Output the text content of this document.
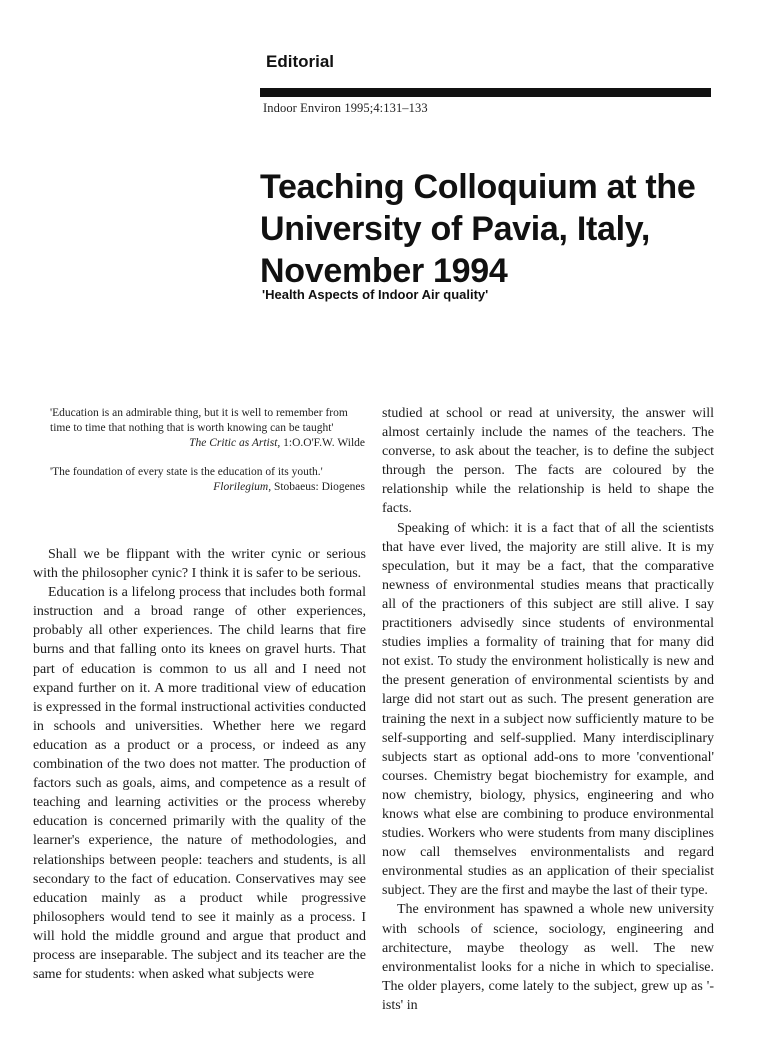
Editorial
Indoor Environ 1995;4:131–133
Teaching Colloquium at the
University of Pavia, Italy,
November 1994
'Health Aspects of Indoor Air quality'
'Education is an admirable thing, but it is well to remember from time to time that nothing that is worth knowing can be taught'
The Critic as Artist, 1:O.O'F.W. Wilde
'The foundation of every state is the education of its youth.'
Florilegium, Stobaeus: Diogenes

Shall we be flippant with the writer cynic or serious with the philosopher cynic? I think it is safer to be serious.

Education is a lifelong process that includes both formal instruction and a broad range of other experiences, probably all other experiences. The child learns that fire burns and that falling onto its knees on gravel hurts. That part of education is common to us all and I need not expand further on it. A more traditional view of education is expressed in the formal instructional activities conducted in schools and universities. Whether here we regard education as a product or a process, or indeed as any combination of the two does not matter. The production of factors such as goals, aims, and competence as a result of teaching and learning activities or the process whereby education is concerned primarily with the quality of the learner's experience, the nature of methodologies, and relationships between people: teachers and students, is all secondary to the fact of education. Conservatives may see education mainly as a product while progressive philosophers would tend to see it mainly as a process. I will hold the middle ground and argue that product and process are inseparable. The subject and its teacher are the same for students: when asked what subjects were

studied at school or read at university, the answer will almost certainly include the names of the teachers. The converse, to ask about the teacher, is to define the subject through the person. The facts are coloured by the relationship while the relationship is held to shape the facts.

Speaking of which: it is a fact that of all the scientists that have ever lived, the majority are still alive. It is my speculation, but it may be a fact, that the comparative newness of environmental studies means that practically all of the practioners of this subject are still alive. I say practitioners advisedly since students of environmental studies implies a formality of training that for many did not exist. To study the environment holistically is new and the present generation of environmental scientists by and large did not start out as such. The present generation are training the next in a subject now sufficiently mature to be self-supporting and self-supplied. Many interdisciplinary subjects start as optional add-ons to more 'conventional' courses. Chemistry begat biochemistry for example, and now chemistry, biology, physics, engineering and who knows what else are combining to produce environmental studies. Workers who were students from many disciplines now call themselves environmentalists and regard environmental studies as an application of their specialist subject. They are the first and maybe the last of their type.

The environment has spawned a whole new university with schools of science, sociology, engineering and architecture, maybe theology as well. The new environmentalist looks for a niche in which to specialise. The older players, come lately to the subject, grew up as '-ists' in
